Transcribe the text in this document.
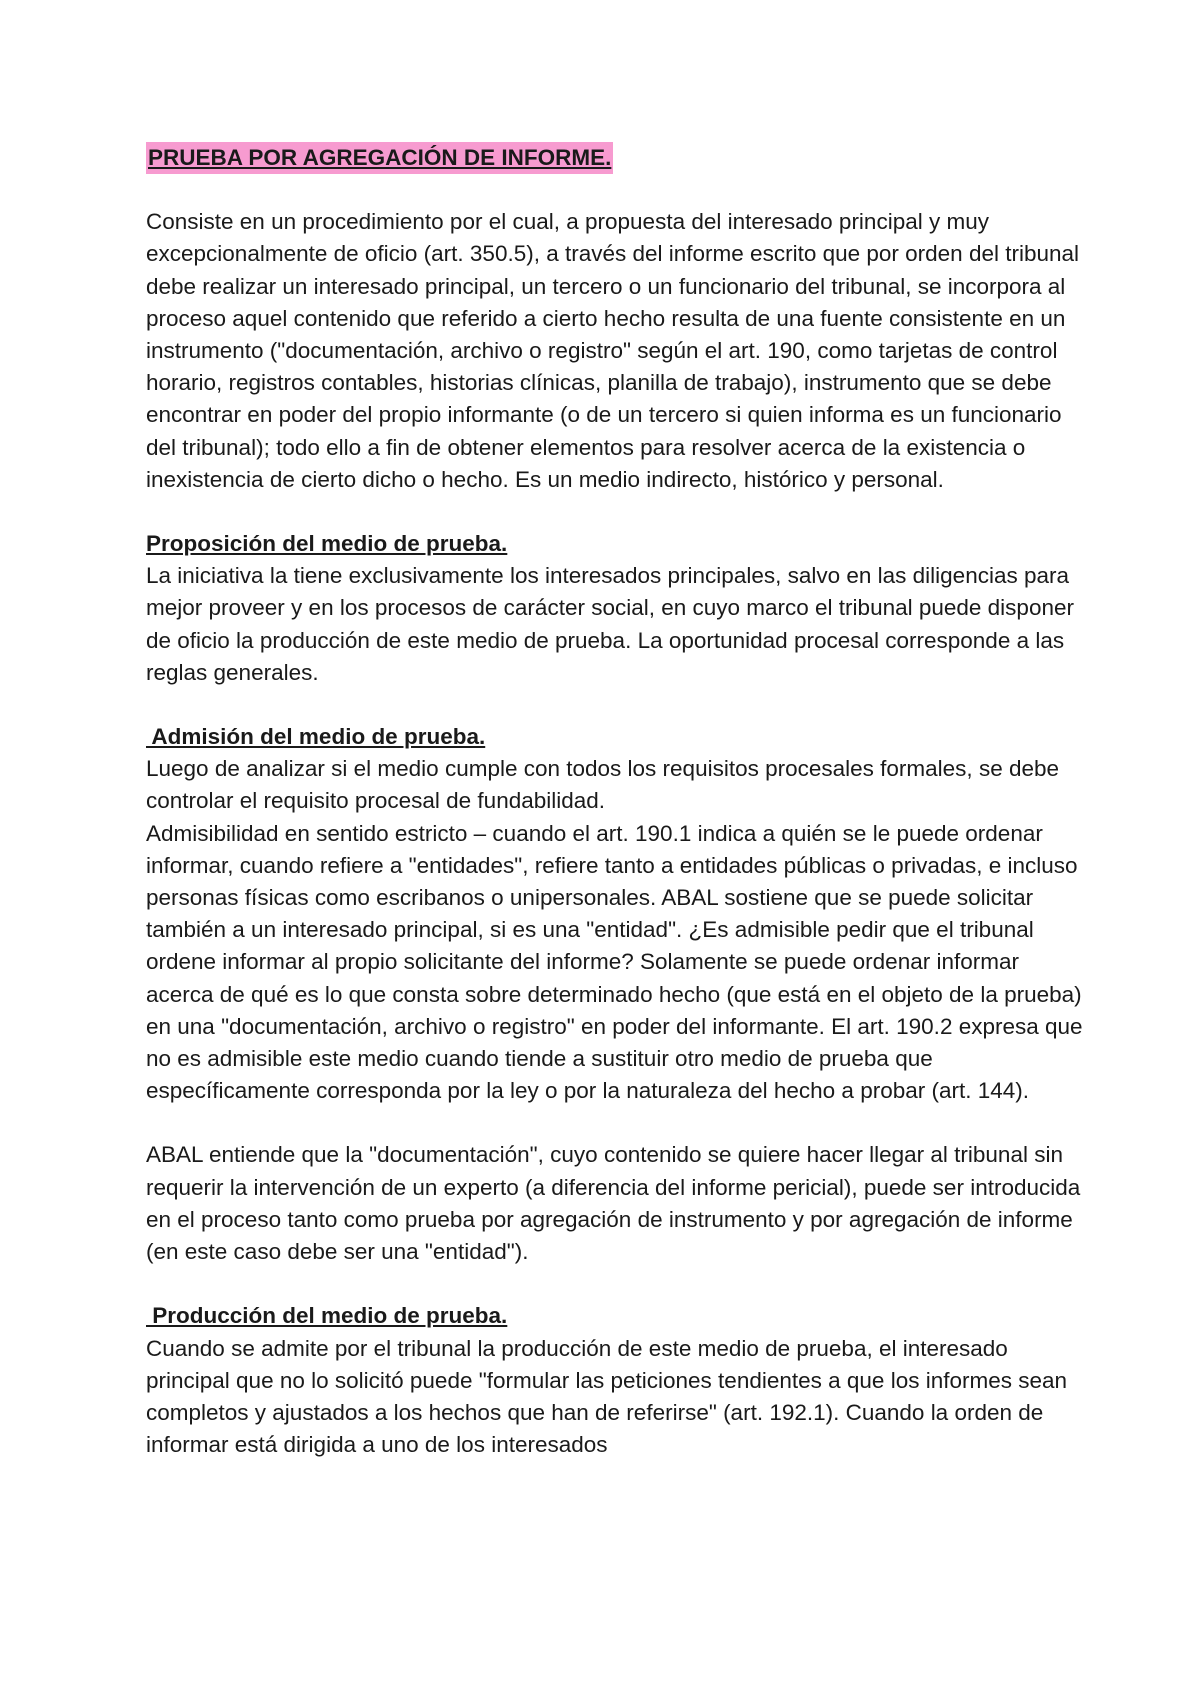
PRUEBA POR AGREGACIÓN DE INFORME.

Consiste en un procedimiento por el cual, a propuesta del interesado principal y muy excepcionalmente de oficio (art. 350.5), a través del informe escrito que por orden del tribunal debe realizar un interesado principal, un tercero o un funcionario del tribunal, se incorpora al proceso aquel contenido que referido a cierto hecho resulta de una fuente consistente en un instrumento ("documentación, archivo o registro" según el art. 190, como tarjetas de control horario, registros contables, historias clínicas, planilla de trabajo), instrumento que se debe encontrar en poder del propio informante (o de un tercero si quien informa es un funcionario del tribunal); todo ello a fin de obtener elementos para resolver acerca de la existencia o inexistencia de cierto dicho o hecho. Es un medio indirecto, histórico y personal.

Proposición del medio de prueba.

La iniciativa la tiene exclusivamente los interesados principales, salvo en las diligencias para mejor proveer y en los procesos de carácter social, en cuyo marco el tribunal puede disponer de oficio la producción de este medio de prueba. La oportunidad procesal corresponde a las reglas generales.

Admisión del medio de prueba.

Luego de analizar si el medio cumple con todos los requisitos procesales formales, se debe controlar el requisito procesal de fundabilidad.

Admisibilidad en sentido estricto – cuando el art. 190.1 indica a quién se le puede ordenar informar, cuando refiere a "entidades", refiere tanto a entidades públicas o privadas, e incluso personas físicas como escribanos o unipersonales. ABAL sostiene que se puede solicitar también a un interesado principal, si es una "entidad". ¿Es admisible pedir que el tribunal ordene informar al propio solicitante del informe? Solamente se puede ordenar informar acerca de qué es lo que consta sobre determinado hecho (que está en el objeto de la prueba) en una "documentación, archivo o registro" en poder del informante. El art. 190.2 expresa que no es admisible este medio cuando tiende a sustituir otro medio de prueba que específicamente corresponda por la ley o por la naturaleza del hecho a probar (art. 144).

ABAL entiende que la "documentación", cuyo contenido se quiere hacer llegar al tribunal sin requerir la intervención de un experto (a diferencia del informe pericial), puede ser introducida en el proceso tanto como prueba por agregación de instrumento y por agregación de informe (en este caso debe ser una "entidad").

Producción del medio de prueba.

Cuando se admite por el tribunal la producción de este medio de prueba, el interesado principal que no lo solicitó puede "formular las peticiones tendientes a que los informes sean completos y ajustados a los hechos que han de referirse" (art. 192.1). Cuando la orden de informar está dirigida a uno de los interesados
